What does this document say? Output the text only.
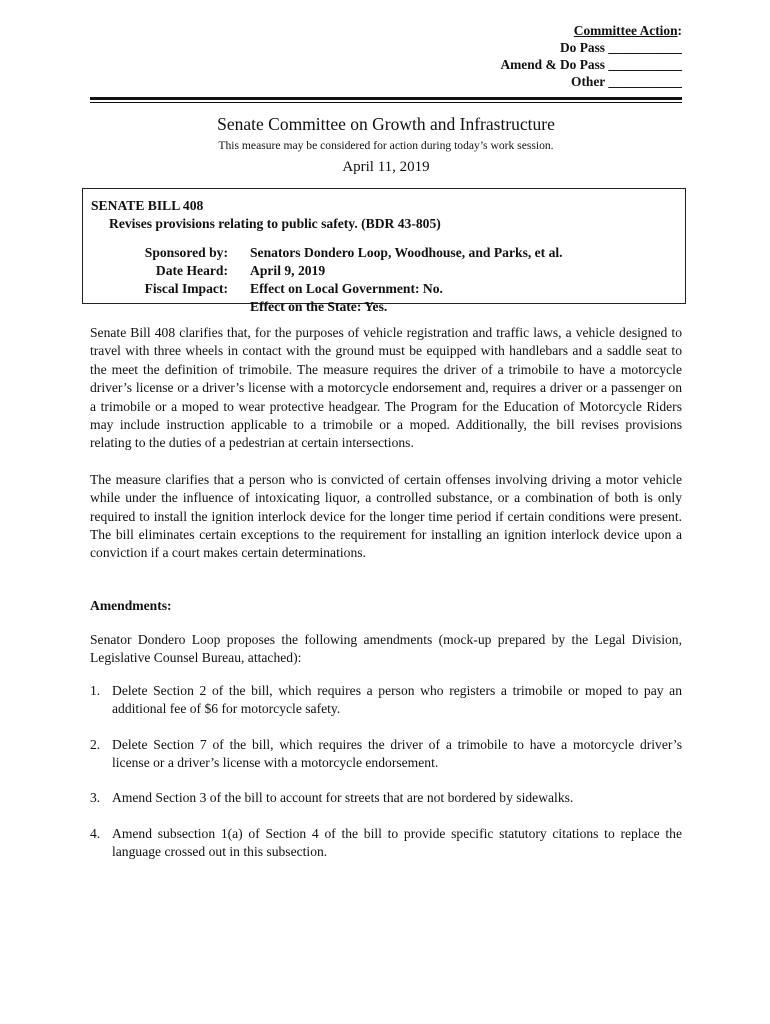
Committee Action:
Do Pass ___________
Amend & Do Pass ___________
Other ___________
Senate Committee on Growth and Infrastructure
This measure may be considered for action during today’s work session.
April 11, 2019
SENATE BILL 408
Revises provisions relating to public safety. (BDR 43-805)
Sponsored by: Senators Dondero Loop, Woodhouse, and Parks, et al.
Date Heard: April 9, 2019
Fiscal Impact: Effect on Local Government: No.
Effect on the State: Yes.

Senate Bill 408 clarifies that, for the purposes of vehicle registration and traffic laws, a vehicle designed to travel with three wheels in contact with the ground must be equipped with handlebars and a saddle seat to the meet the definition of trimobile. The measure requires the driver of a trimobile to have a motorcycle driver’s license or a driver’s license with a motorcycle endorsement and, requires a driver or a passenger on a trimobile or a moped to wear protective headgear. The Program for the Education of Motorcycle Riders may include instruction applicable to a trimobile or a moped. Additionally, the bill revises provisions relating to the duties of a pedestrian at certain intersections.

The measure clarifies that a person who is convicted of certain offenses involving driving a motor vehicle while under the influence of intoxicating liquor, a controlled substance, or a combination of both is only required to install the ignition interlock device for the longer time period if certain conditions were present. The bill eliminates certain exceptions to the requirement for installing an ignition interlock device upon a conviction if a court makes certain determinations.

Amendments:

Senator Dondero Loop proposes the following amendments (mock-up prepared by the Legal Division, Legislative Counsel Bureau, attached):

1. Delete Section 2 of the bill, which requires a person who registers a trimobile or moped to pay an additional fee of $6 for motorcycle safety.
2. Delete Section 7 of the bill, which requires the driver of a trimobile to have a motorcycle driver’s license or a driver’s license with a motorcycle endorsement.
3. Amend Section 3 of the bill to account for streets that are not bordered by sidewalks.
4. Amend subsection 1(a) of Section 4 of the bill to provide specific statutory citations to replace the language crossed out in this subsection.
